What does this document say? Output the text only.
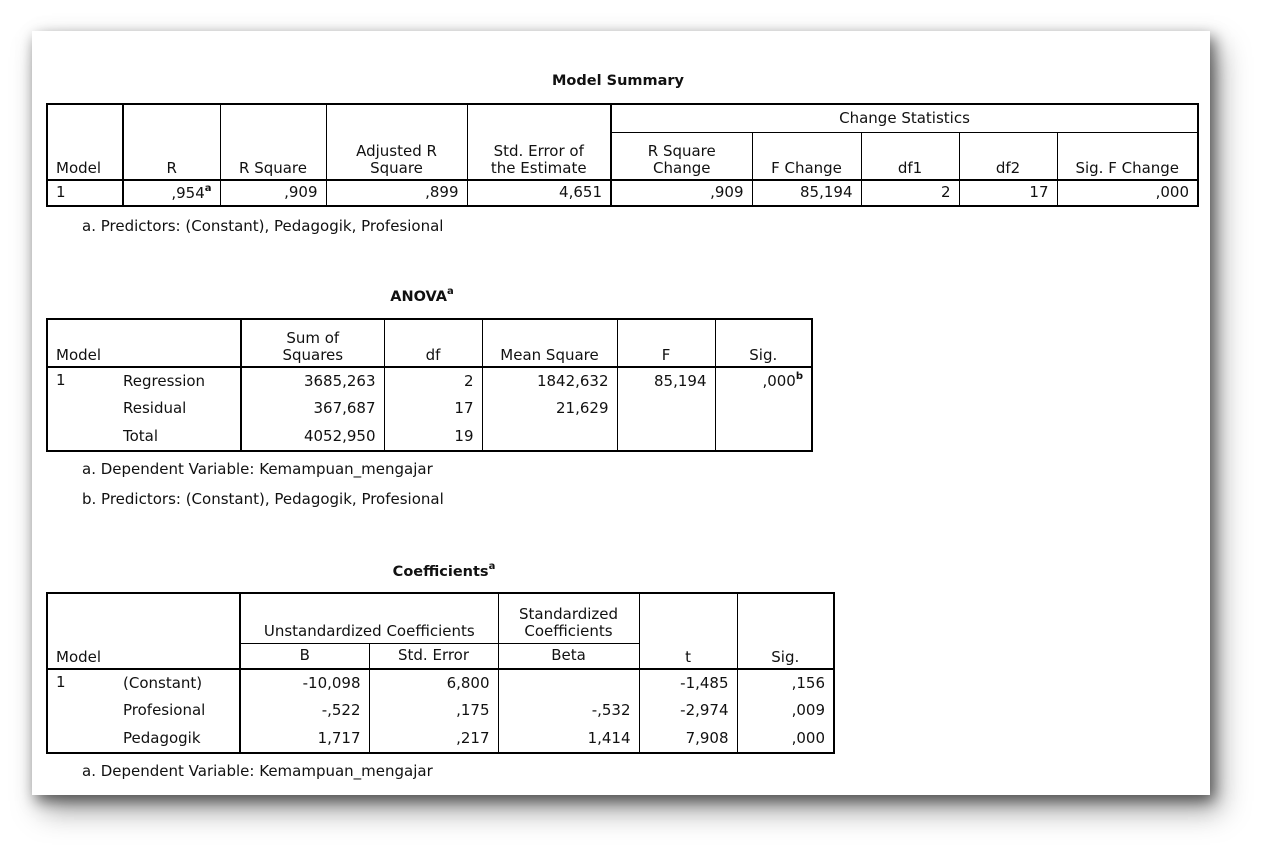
Model Summary
Model	R	R Square	Adjusted R Square	Std. Error of the Estimate	Change Statistics				

					R Square Change	F Change	df1	df2	Sig. F Change
1	,954$^a$	,909	,899	4,651	,909	85,194	2	17	,000
a. Predictors: (Constant), Pedagogik, Profesional
ANOVA$^a$
Model		Sum of Squares	df	Mean Square	F	Sig.
1	Regression	3685,263	2	1842,632	85,194	,000$^b$
	Residual	367,687	17	21,629		
	Total	4052,950	19			
a. Dependent Variable: Kemampuan_mengajar
b. Predictors: (Constant), Pedagogik, Profesional
Coefficients$^a$
Model		Unstandardized Coefficients		Standardized Coefficients	t	Sig.
		B	Std. Error	Beta		
1	(Constant)	-10,098	6,800		-1,485	,156
	Profesional	-,522	,175	-,532	-2,974	,009
	Pedagogik	1,717	,217	1,414	7,908	,000
a. Dependent Variable: Kemampuan_mengajar
